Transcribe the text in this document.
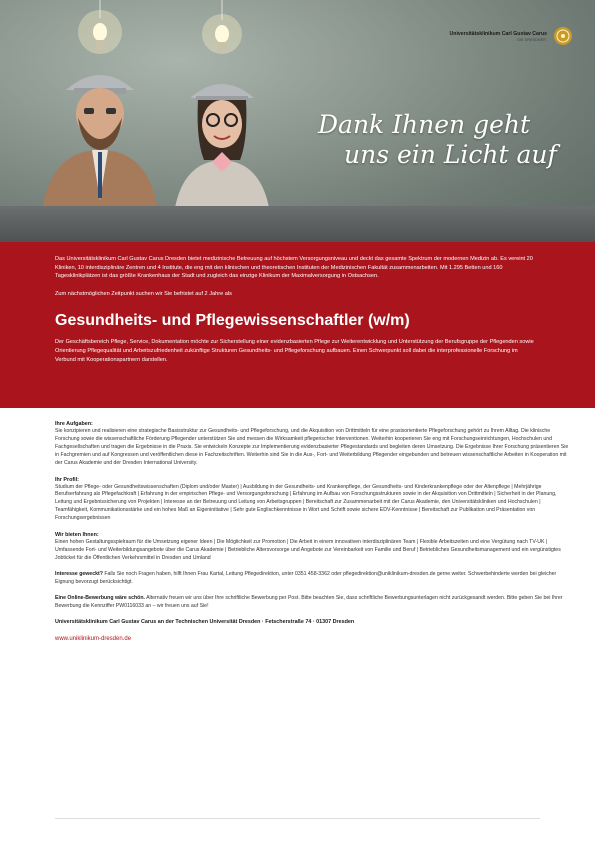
Universitätsklinikum Carl Gustav Carus
DIE DRESDNER.
Dank Ihnen geht
uns ein Licht auf

Das Universitätsklinikum Carl Gustav Carus Dresden bietet medizinische Betreuung auf höchstem Versorgungsniveau und deckt das gesamte Spektrum der modernen Medizin ab. Es vereint 20 Kliniken, 10 interdisziplinäre Zentren und 4 Institute, die eng mit den klinischen und theoretischen Instituten der Medizinischen Fakultät zusammenarbeiten. Mit 1.295 Betten und 160 Tagesklinikplätzen ist das größte Krankenhaus der Stadt und zugleich das einzige Klinikum der Maximalversorgung in Ostsachsen.

Zum nächstmöglichen Zeitpunkt suchen wir Sie befristet auf 2 Jahre als

Gesundheits- und Pflegewissenschaftler (w/m)

Der Geschäftsbereich Pflege, Service, Dokumentation möchte zur Sicherstellung einer evidenzbasierten Pflege zur Weiterentwicklung und Unterstützung der Berufsgruppe der Pflegenden sowie Orientierung Pflegequalität und Arbeitszufriedenheit zukünftige Strukturen Gesundheits- und Pflegeforschung aufbauen. Einen Schwerpunkt soll dabei die interprofessionelle Forschung im Verbund mit Kooperationspartnern darstellen.

Ihre Aufgaben:
Sie konzipieren und realisieren eine strategische Basisstruktur zur Gesundheits- und Pflegeforschung, und die Akquisition von Drittmitteln für eine praxisorientierte Pflegeforschung gehört zu Ihrem Alltag. Die klinische Forschung sowie die wissenschaftliche Förderung Pflegender unterstützen Sie und messen die Wirksamkeit pflegerischer Interventionen. Weiterhin kooperieren Sie eng mit Forschungseinrichtungen, Hochschulen und Fachgesellschaften und tragen die Ergebnisse in die Praxis. Sie entwickeln Konzepte zur Implementierung evidenzbasierter Pflegestandards und begleiten deren Umsetzung. Die Ergebnisse Ihrer Forschung präsentieren Sie in Fachgremien und auf Kongressen und veröffentlichen diese in Fachzeitschriften. Weiterhin sind Sie in die Aus-, Fort- und Weiterbildung Pflegender eingebunden und betreuen wissenschaftliche Arbeiten in Kooperation mit der Carus Akademie und der Dresden International University.
Ihr Profil:
Studium der Pflege- oder Gesundheitswissenschaften (Diplom und/oder Master) | Ausbildung in der Gesundheits- und Krankenpflege, der Gesundheits- und Kinderkrankenpflege oder der Altenpflege | Mehrjährige Berufserfahrung als Pflegefachkraft | Erfahrung in der empirischen Pflege- und Versorgungsforschung | Erfahrung im Aufbau von Forschungsstrukturen sowie in der Akquisition von Drittmitteln | Sicherheit in der Planung, Leitung und Ergebnissicherung von Projekten | Interesse an der Betreuung und Leitung von Arbeitsgruppen | Bereitschaft zur Zusammenarbeit mit der Carus Akademie, den Universitätskliniken und Hochschulen | Teamfähigkeit, Kommunikationsstärke und ein hohes Maß an Eigeninitiative | Sehr gute Englischkenntnisse in Wort und Schrift sowie sichere EDV-Kenntnisse | Bereitschaft zur Publikation und Präsentation von Forschungsergebnissen
Wir bieten Ihnen:
Einen hohen Gestaltungsspielraum für die Umsetzung eigener Ideen | Die Möglichkeit zur Promotion | Die Arbeit in einem innovativen interdisziplinären Team | Flexible Arbeitszeiten und eine Vergütung nach TV-UK | Umfassende Fort- und Weiterbildungsangebote über die Carus Akademie | Betriebliche Altersvorsorge und Angebote zur Vereinbarkeit von Familie und Beruf | Betriebliches Gesundheitsmanagement und ein vergünstigtes Jobticket für die Öffentlichen Verkehrsmittel in Dresden und Umland
Interesse geweckt? Falls Sie noch Fragen haben, hilft Ihnen Frau Kartal, Leitung Pflegedirektion, unter 0351 458-3362 oder pflegedirektion@uniklinikum-dresden.de gerne weiter. Schwerbehinderte werden bei gleicher Eignung bevorzugt berücksichtigt.
Eine Online-Bewerbung wäre schön. Alternativ freuen wir uns über Ihre schriftliche Bewerbung per Post. Bitte beachten Sie, dass schriftliche Bewerbungsunterlagen nicht zurückgesandt werden. Bitte geben Sie bei Ihrer Bewerbung die Kennziffer PW0116033 an – wir freuen uns auf Sie!
Universitätsklinikum Carl Gustav Carus an der Technischen Universität Dresden · Fetscherstraße 74 · 01307 Dresden
www.uniklinikum-dresden.de
